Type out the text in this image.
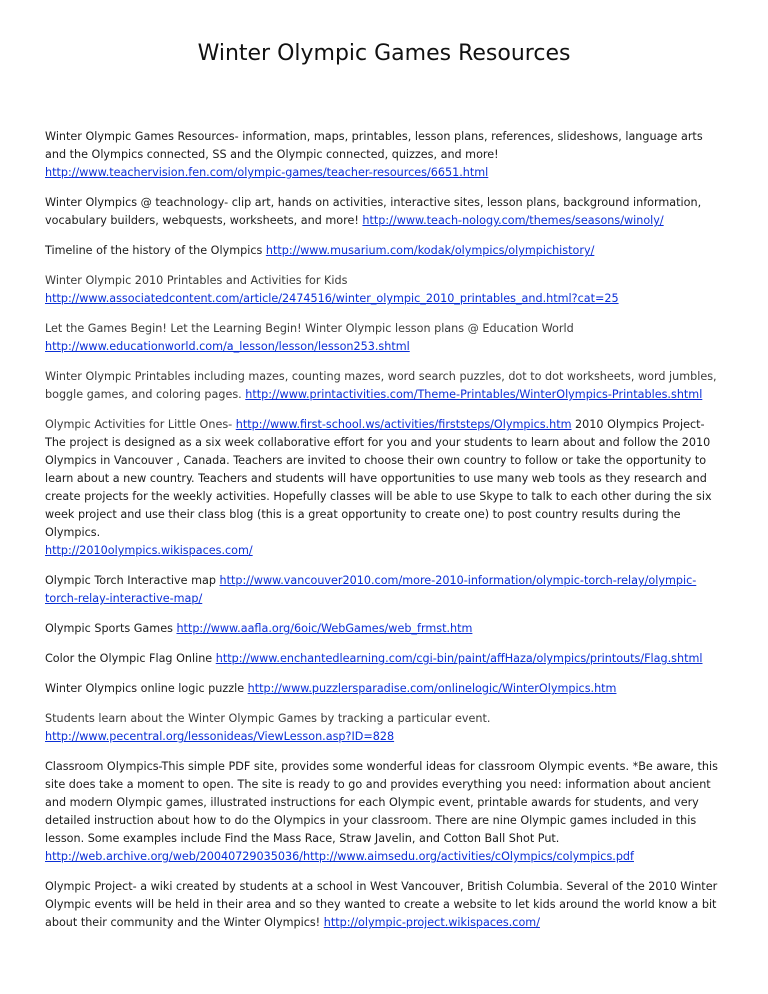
Winter Olympic Games Resources

Winter Olympic Games Resources- information, maps, printables, lesson plans, references, slideshows, language arts and the Olympics connected, SS and the Olympic connected, quizzes, and more! http://www.teachervision.fen.com/olympic-games/teacher-resources/6651.html

Winter Olympics @ teachnology- clip art, hands on activities, interactive sites, lesson plans, background information, vocabulary builders, webquests, worksheets, and more! http://www.teach-nology.com/themes/seasons/winoly/

Timeline of the history of the Olympics http://www.musarium.com/kodak/olympics/olympichistory/

Winter Olympic 2010 Printables and Activities for Kids
http://www.associatedcontent.com/article/2474516/winter_olympic_2010_printables_and.html?cat=25

Let the Games Begin! Let the Learning Begin! Winter Olympic lesson plans @ Education World
http://www.educationworld.com/a_lesson/lesson/lesson253.shtml

Winter Olympic Printables including mazes, counting mazes, word search puzzles, dot to dot worksheets, word jumbles, boggle games, and coloring pages. http://www.printactivities.com/Theme-Printables/WinterOlympics-Printables.shtml

Olympic Activities for Little Ones- http://www.first-school.ws/activities/firststeps/Olympics.htm 2010 Olympics Project- The project is designed as a six week collaborative effort for you and your students to learn about and follow the 2010 Olympics in Vancouver , Canada. Teachers are invited to choose their own country to follow or take the opportunity to learn about a new country. Teachers and students will have opportunities to use many web tools as they research and create projects for the weekly activities. Hopefully classes will be able to use Skype to talk to each other during the six week project and use their class blog (this is a great opportunity to create one) to post country results during the Olympics.
http://2010olympics.wikispaces.com/

Olympic Torch Interactive map http://www.vancouver2010.com/more-2010-information/olympic-torch-relay/olympic-torch-relay-interactive-map/

Olympic Sports Games http://www.aafla.org/6oic/WebGames/web_frmst.htm

Color the Olympic Flag Online http://www.enchantedlearning.com/cgi-bin/paint/affHaza/olympics/printouts/Flag.shtml

Winter Olympics online logic puzzle http://www.puzzlersparadise.com/onlinelogic/WinterOlympics.htm

Students learn about the Winter Olympic Games by tracking a particular event.
http://www.pecentral.org/lessonideas/ViewLesson.asp?ID=828

Classroom Olympics-This simple PDF site, provides some wonderful ideas for classroom Olympic events. *Be aware, this site does take a moment to open. The site is ready to go and provides everything you need: information about ancient and modern Olympic games, illustrated instructions for each Olympic event, printable awards for students, and very detailed instruction about how to do the Olympics in your classroom. There are nine Olympic games included in this lesson. Some examples include Find the Mass Race, Straw Javelin, and Cotton Ball Shot Put.
http://web.archive.org/web/20040729035036/http://www.aimsedu.org/activities/cOlympics/colympics.pdf

Olympic Project- a wiki created by students at a school in West Vancouver, British Columbia. Several of the 2010 Winter Olympic events will be held in their area and so they wanted to create a website to let kids around the world know a bit about their community and the Winter Olympics! http://olympic-project.wikispaces.com/
